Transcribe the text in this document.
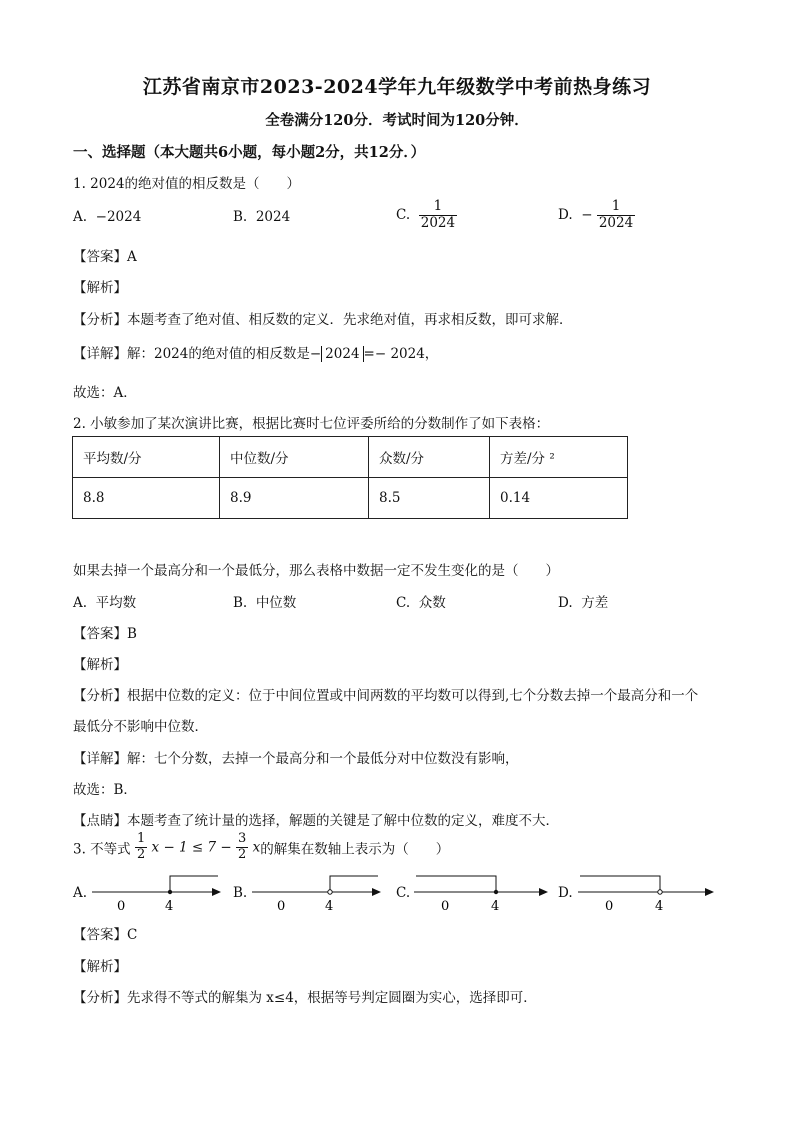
江苏省南京市2023-2024学年九年级数学中考前热身练习
全卷满分120分．考试时间为120分钟．
一、选择题（本大题共6小题，每小题2分，共12分．）
1. 2024的绝对值的相反数是（　　）
A. −2024	B. 2024	C. $\frac{1}{2024}$	D. − $\frac{1}{2024}$
【答案】A
【解析】
【分析】本题考查了绝对值、相反数的定义．先求绝对值，再求相反数，即可求解．
【详解】解：2024的绝对值的相反数是− 2024 =− 2024，
故选：A．
2. 小敏参加了某次演讲比赛，根据比赛时七位评委所给的分数制作了如下表格：
平均数/分	中位数/分	众数/分	方差/分 ²
8.8	8.9	8.5	0.14
如果去掉一个最高分和一个最低分，那么表格中数据一定不发生变化的是（　　）
A. 平均数	B. 中位数	C. 众数	D. 方差
【答案】B
【解析】
【分析】根据中位数的定义：位于中间位置或中间两数的平均数可以得到,七个分数去掉一个最高分和一个
最低分不影响中位数．
【详解】解：七个分数，去掉一个最高分和一个最低分对中位数没有影响，
故选：B．
【点睛】本题考查了统计量的选择，解题的关键是了解中位数的定义，难度不大．
3. 不等式 $\frac{1}{2}$ $x - 1 \le 7 - \frac{3}{2}$ x的解集在数轴上表示为（　　）
A.
0	4
B.
0	4
C.
0	4
D.
0	4
【答案】C
【解析】
【分析】先求得不等式的解集为 x≤4，根据等号判定圆圈为实心，选择即可．
